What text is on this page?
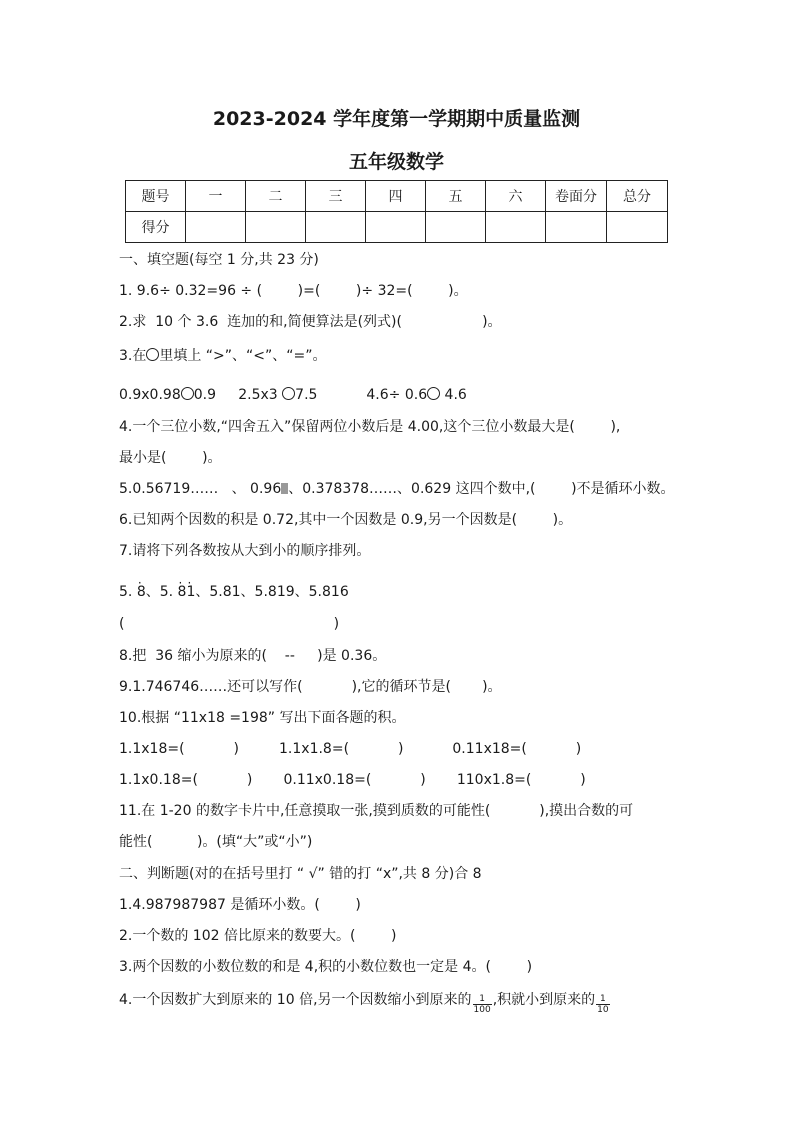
2023-2024 学年度第一学期期中质量监测
五年级数学
题号	一	二	三	四	五	六	卷面分	总分
得分								
一、填空题(每空 1 分,共 23 分)
1. 9.6÷ 0.32=96 ÷ (        )=(        )÷ 32=(        )。
2.求  10 个 3.6  连加的和,简便算法是(列式)(                  )。
3.在 里填上 “>”、“<”、“=”。
0.9x0.98 0.9     2.5x3 7.5           4.6÷ 0.6 4.6
4.一个三位小数,“四舍五入”保留两位小数后是 4.00,这个三位小数最大是(        ),
最小是(        )。
5.0.56719……   、 0.96 、0.378378……、0.629 这四个数中,(        )不是循环小数。
6.已知两个因数的积是 0.72,其中一个因数是 0.9,另一个因数是(        )。
7.请将下列各数按从大到小的顺序排列。
5. · 8、5. · 8· 1、5.81、5.819、5.816
(                                               )
8.把  36 缩小为原来的(    --     )是 0.36。
9.1.746746……还可以写作(           ),它的循环节是(       )。
10.根据 “11x18 =198” 写出下面各题的积。
1.1x18=(           )         1.1x1.8=(           )           0.11x18=(           )
1.1x0.18=(           )       0.11x0.18=(           )       110x1.8=(           )
11.在 1-20 的数字卡片中,任意摸取一张,摸到质数的可能性(           ),摸出合数的可
能性(          )。(填“大”或“小”)
二、判断题(对的在括号里打 “ √” 错的打 “x”,共 8 分)合 8
1.4.987987987 是循环小数。(        )
2.一个数的 102 倍比原来的数要大。(        )
3.两个因数的小数位数的和是 4,积的小数位数也一定是 4。(        )
4.一个因数扩大到原来的 10 倍,另一个因数缩小到原来的 $\frac{1}{100}$ ,积就小到原来的 $\frac{1}{10}$
